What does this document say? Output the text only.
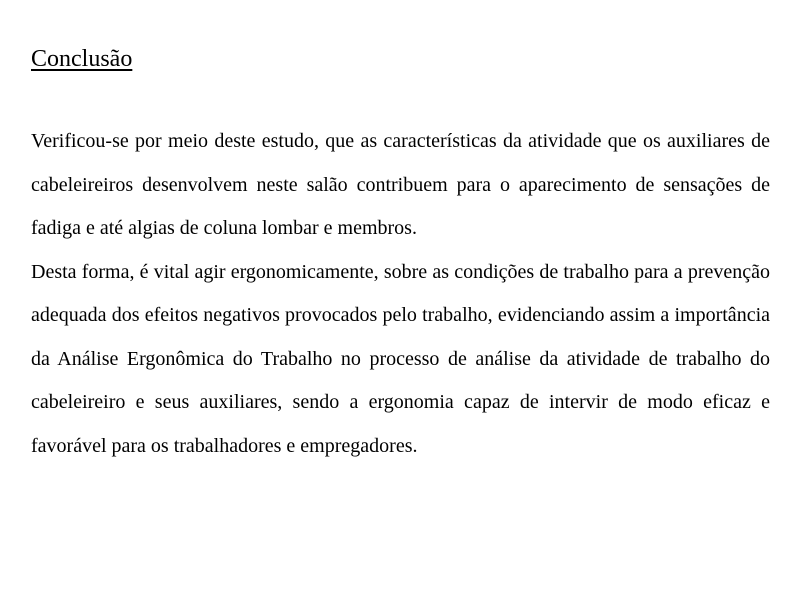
Conclusão

Verificou-se por meio deste estudo, que as características da atividade que os auxiliares de cabeleireiros desenvolvem neste salão contribuem para o aparecimento de sensações de fadiga e até algias de coluna lombar e membros.

Desta forma, é vital agir ergonomicamente, sobre as condições de trabalho para a prevenção adequada dos efeitos negativos provocados pelo trabalho, evidenciando assim a importância da Análise Ergonômica do Trabalho no processo de análise da atividade de trabalho do cabeleireiro e seus auxiliares, sendo a ergonomia capaz de intervir de modo eficaz e favorável para os trabalhadores e empregadores.
